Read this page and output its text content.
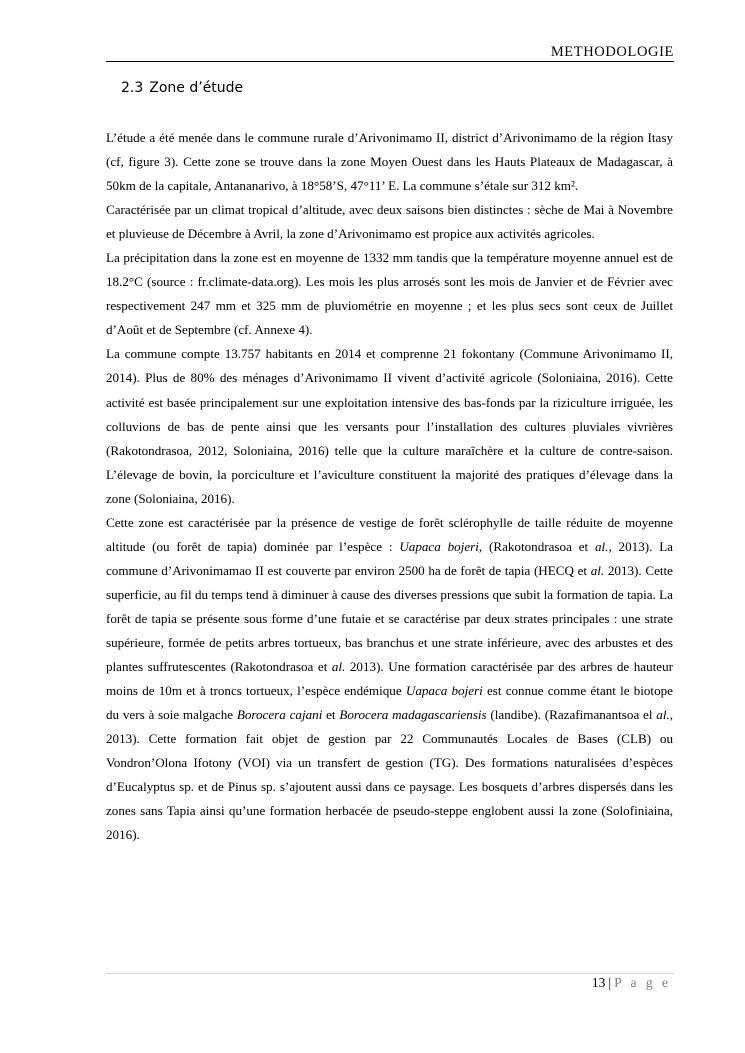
METHODOLOGIE
2.3 Zone d’étude

L’étude a été menée dans le commune rurale d’Arivonimamo II, district d’Arivonimamo de la région Itasy (cf, figure 3). Cette zone se trouve dans la zone Moyen Ouest dans les Hauts Plateaux de Madagascar, à 50km de la capitale, Antananarivo, à 18°58’S, 47°11’ E. La commune s’étale sur 312 km².

Caractérisée par un climat tropical d’altitude, avec deux saisons bien distinctes : sèche de Mai à Novembre et pluvieuse de Décembre à Avril, la zone d’Arivonimamo est propice aux activités agricoles.

La précipitation dans la zone est en moyenne de 1332 mm tandis que la température moyenne annuel est de 18.2°C (source : fr.climate-data.org). Les mois les plus arrosés sont les mois de Janvier et de Février avec respectivement 247 mm et 325 mm de pluviométrie en moyenne ; et les plus secs sont ceux de Juillet d’Août et de Septembre (cf. Annexe 4).

La commune compte 13.757 habitants en 2014 et comprenne 21 fokontany (Commune Arivonimamo II, 2014). Plus de 80% des ménages d’Arivonimamo II vivent d’activité agricole (Soloniaina, 2016). Cette activité est basée principalement sur une exploitation intensive des bas-fonds par la riziculture irriguée, les colluvions de bas de pente ainsi que les versants pour l’installation des cultures pluviales vivrières (Rakotondrasoa, 2012, Soloniaina, 2016) telle que la culture maraîchère et la culture de contre-saison. L’élevage de bovin, la porciculture et l’aviculture constituent la majorité des pratiques d’élevage dans la zone (Soloniaina, 2016).

Cette zone est caractérisée par la présence de vestige de forêt sclérophylle de taille réduite de moyenne altitude (ou forêt de tapia) dominée par l’espèce : Uapaca bojeri, (Rakotondrasoa et al., 2013). La commune d’Arivonimamao II est couverte par environ 2500 ha de forêt de tapia (HECQ et al. 2013). Cette superficie, au fil du temps tend à diminuer à cause des diverses pressions que subit la formation de tapia. La forêt de tapia se présente sous forme d’une futaie et se caractérise par deux strates principales : une strate supérieure, formée de petits arbres tortueux, bas branchus et une strate inférieure, avec des arbustes et des plantes suffrutescentes (Rakotondrasoa et al. 2013). Une formation caractérisée par des arbres de hauteur moins de 10m et à troncs tortueux, l’espèce endémique Uapaca bojeri est connue comme étant le biotope du vers à soie malgache Borocera cajani et Borocera madagascariensis (landibe). (Razafimanantsoa el al., 2013). Cette formation fait objet de gestion par 22 Communautés Locales de Bases (CLB) ou Vondron’Olona Ifotony (VOI) via un transfert de gestion (TG). Des formations naturalisées d’espèces d’Eucalyptus sp. et de Pinus sp. s’ajoutent aussi dans ce paysage. Les bosquets d’arbres dispersés dans les zones sans Tapia ainsi qu’une formation herbacée de pseudo-steppe englobent aussi la zone (Solofiniaina, 2016).

13 | P a g e
